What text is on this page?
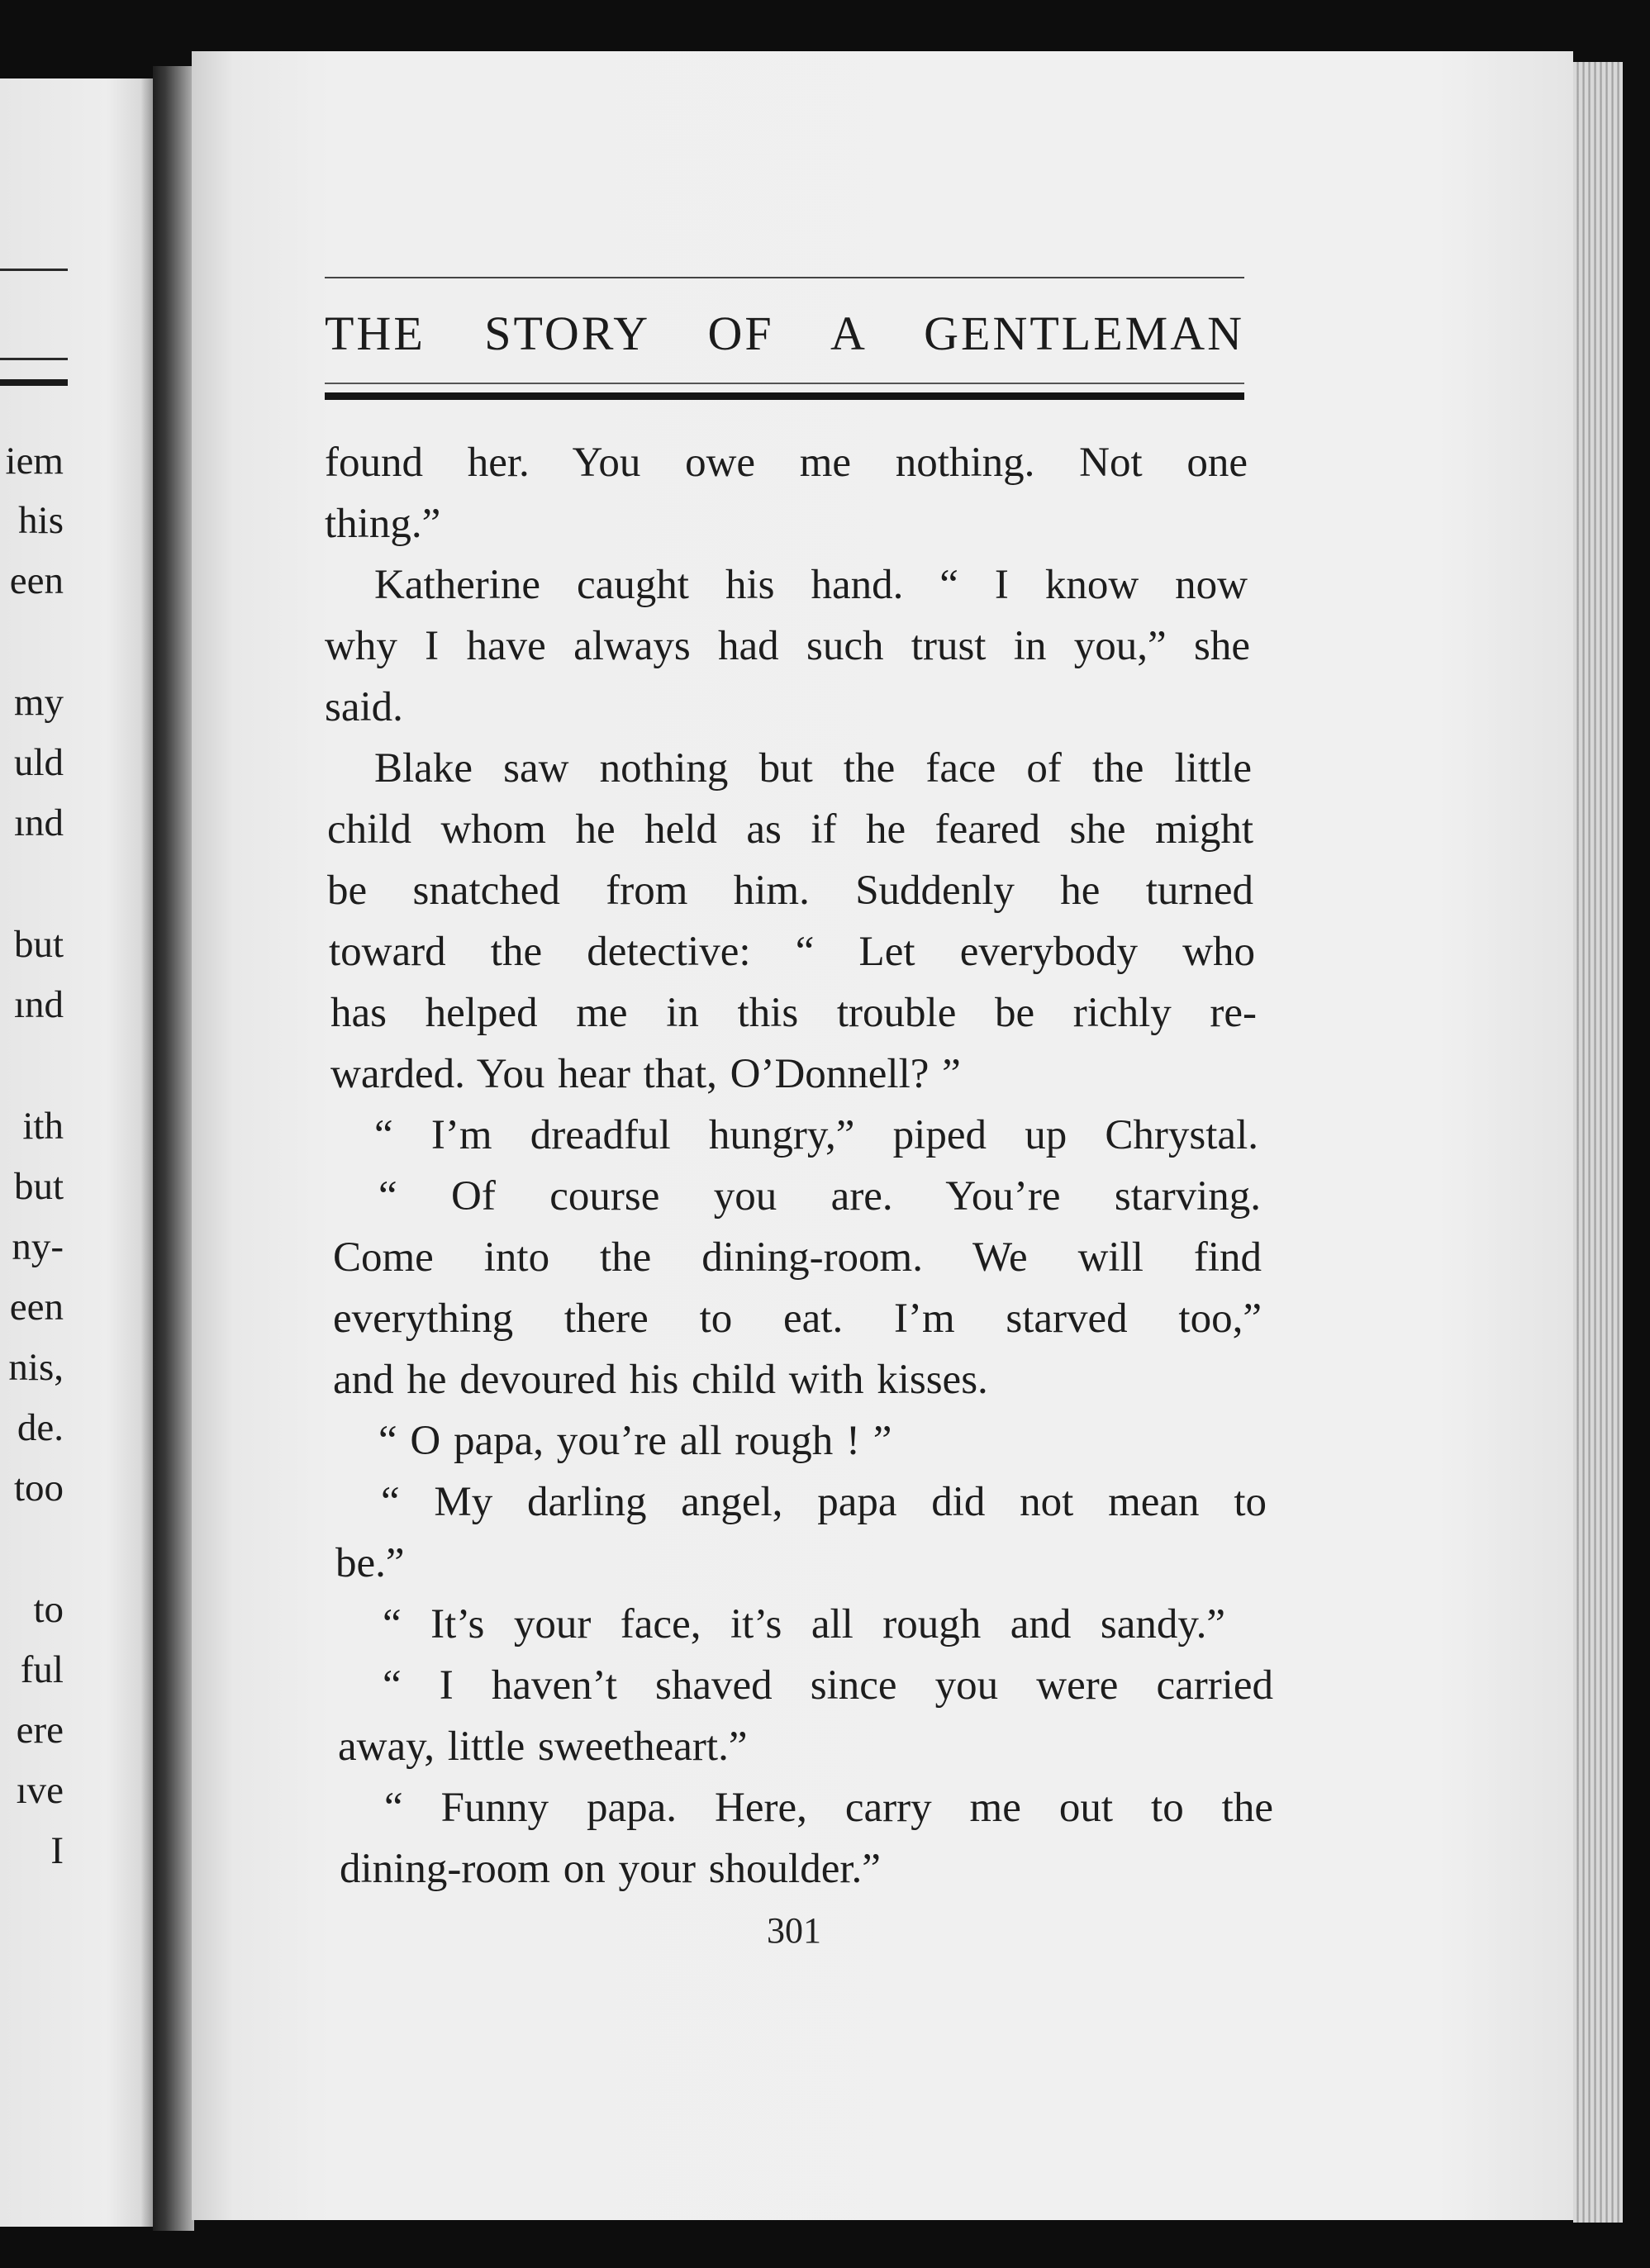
iem
his
een
my
uld
ınd
but
ınd
ith
but
ny-
een
nis,
de.
too
to
ful
ere
ıve
I
THE STORY OF A GENTLEMAN
found her. You owe me nothing. Not one
thing.”
Katherine caught his hand. “ I know now
why I have always had such trust in you,” she
said.
Blake saw nothing but the face of the little
child whom he held as if he feared she might
be snatched from him. Suddenly he turned
toward the detective: “ Let everybody who
has helped me in this trouble be richly re-
warded. You hear that, O’Donnell? ”
“ I’m dreadful hungry,” piped up Chrystal.
“ Of course you are. You’re starving.
Come into the dining-room. We will find
everything there to eat. I’m starved too,”
and he devoured his child with kisses.
“ O papa, you’re all rough ! ”
“ My darling angel, papa did not mean to
be.”
“ It’s your face, it’s all rough and sandy.”
“ I haven’t shaved since you were carried
away, little sweetheart.”
“ Funny papa. Here, carry me out to the
dining-room on your shoulder.”
301
